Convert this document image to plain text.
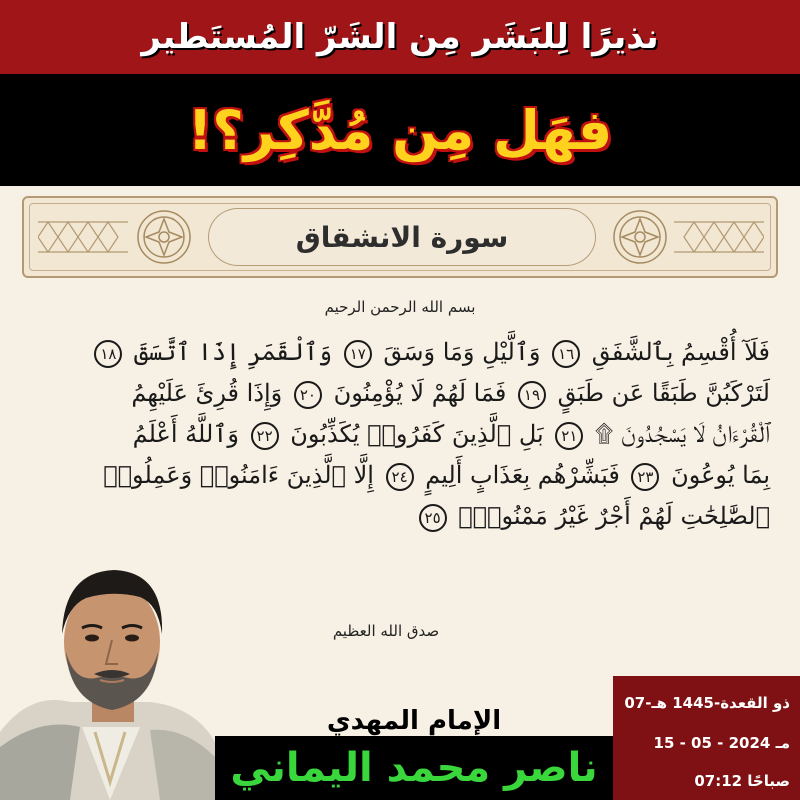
نذيرًا لِلبَشَر مِن الشَرّ المُستَطير
فهَل مِن مُدَّكِر؟!
سورة الانشقاق
بسم الله الرحمن الرحيم
فَلَآ أُقْسِمُ بِٱلشَّفَقِ ١٦ وَٱلَّيْلِ وَمَا وَسَقَ ١٧ وَٱلْقَمَرِ إِذَا ٱتَّسَقَ ١٨
لَتَرْكَبُنَّ طَبَقًا عَن طَبَقٍ ١٩ فَمَا لَهُمْ لَا يُؤْمِنُونَ ٢٠ وَإِذَا قُرِئَ عَلَيْهِمُ
ٱلْقُرْءَانُ لَا يَسْجُدُونَ ۩ ٢١ بَلِ ٱلَّذِينَ كَفَرُوا۟ يُكَذِّبُونَ ٢٢ وَٱللَّهُ أَعْلَمُ
بِمَا يُوعُونَ ٢٣ فَبَشِّرْهُم بِعَذَابٍ أَلِيمٍ ٢٤ إِلَّا ٱلَّذِينَ ءَامَنُوا۟ وَعَمِلُوا۟
ٱلصَّٰلِحَٰتِ لَهُمْ أَجْرٌ غَيْرُ مَمْنُونٍۭ ٢٥
صدق الله العظيم
الإمام المهدي
ناصر محمد اليماني
07-ذو القعدة-1445 هـ
15 - 05 - 2024 مـ
07:12 صباحًا
